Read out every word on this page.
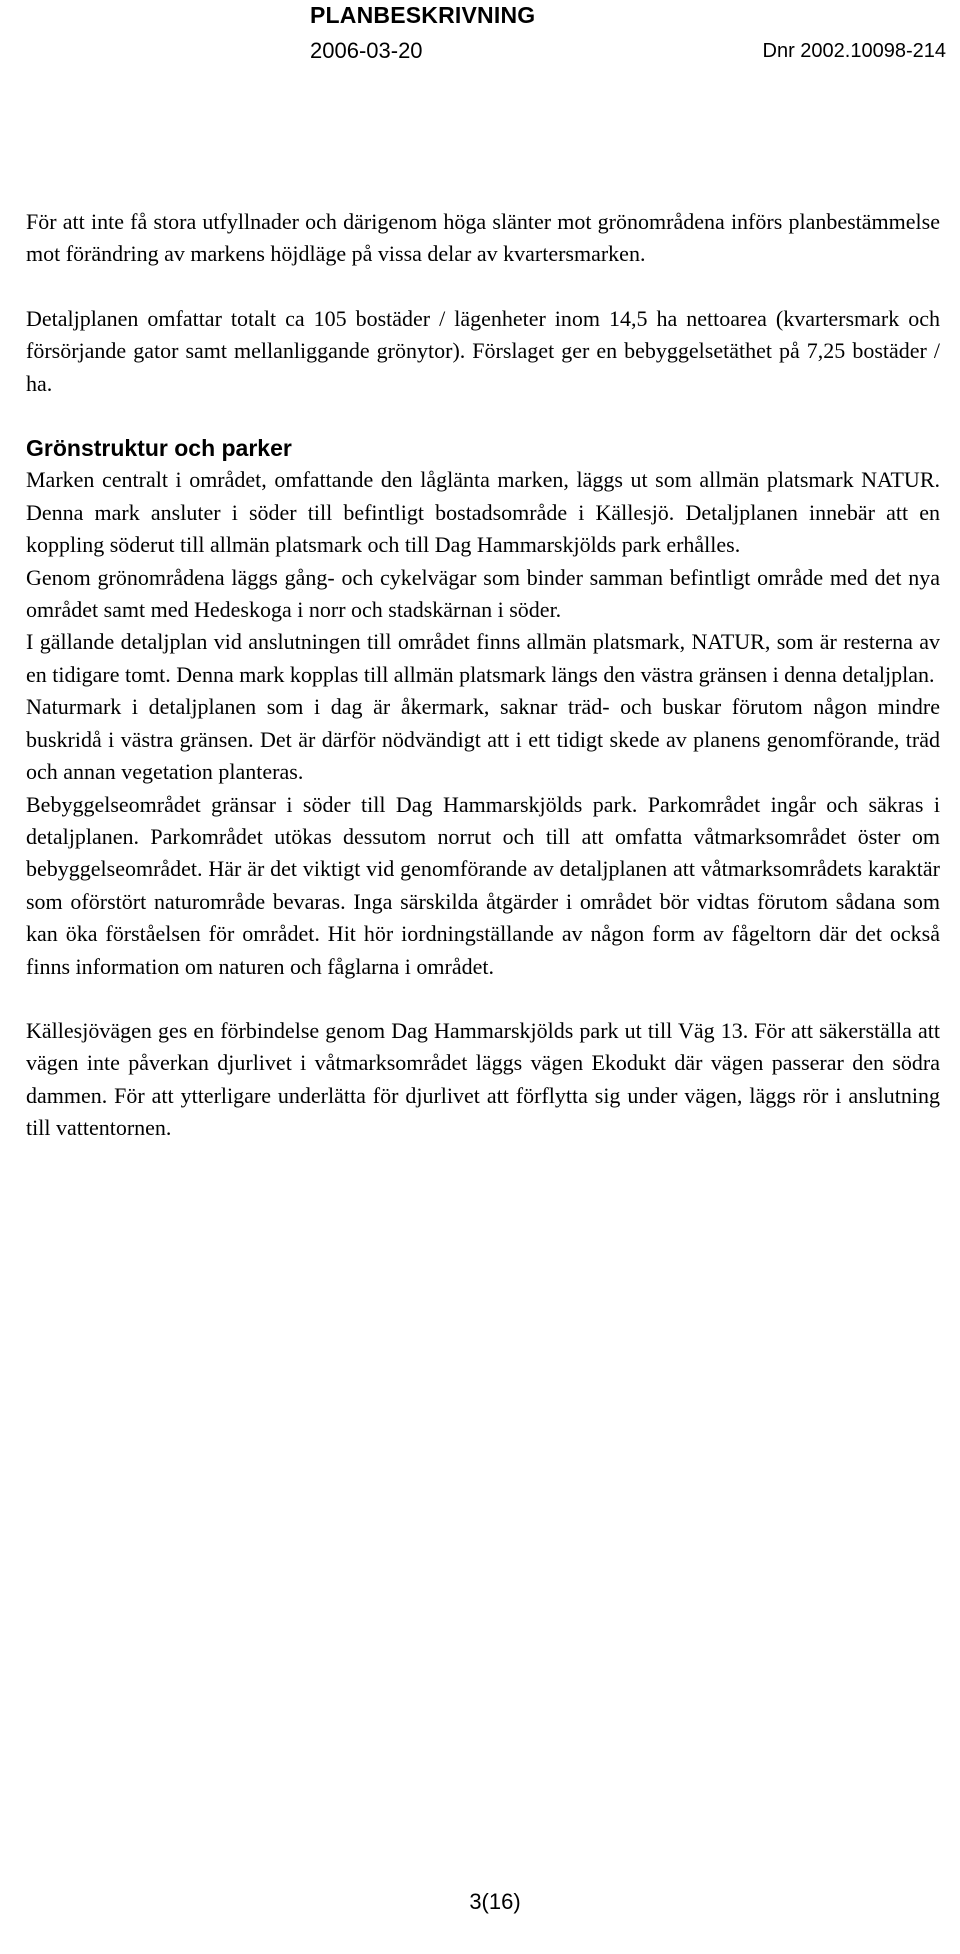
PLANBESKRIVNING
2006-03-20	Dnr 2002.10098-214

För att inte få stora utfyllnader och därigenom höga slänter mot grönområdena införs planbestämmelse mot förändring av markens höjdläge på vissa delar av kvartersmarken.

Detaljplanen omfattar totalt ca 105 bostäder / lägenheter inom 14,5 ha nettoarea (kvartersmark och försörjande gator samt mellanliggande grönytor). Förslaget ger en bebyggelsetäthet på 7,25 bostäder / ha.

Grönstruktur och parker

Marken centralt i området, omfattande den låglänta marken, läggs ut som allmän platsmark NATUR. Denna mark ansluter i söder till befintligt bostadsområde i Källesjö. Detaljplanen innebär att en koppling söderut till allmän platsmark och till Dag Hammarskjölds park erhålles.

Genom grönområdena läggs gång- och cykelvägar som binder samman befintligt område med det nya området samt med Hedeskoga i norr och stadskärnan i söder.

I gällande detaljplan vid anslutningen till området finns allmän platsmark, NATUR, som är resterna av en tidigare tomt. Denna mark kopplas till allmän platsmark längs den västra gränsen i denna detaljplan.

Naturmark i detaljplanen som i dag är åkermark, saknar träd- och buskar förutom någon mindre buskridå i västra gränsen. Det är därför nödvändigt att i ett tidigt skede av planens genomförande, träd och annan vegetation planteras.

Bebyggelseområdet gränsar i söder till Dag Hammarskjölds park. Parkområdet ingår och säkras i detaljplanen. Parkområdet utökas dessutom norrut och till att omfatta våtmarksområdet öster om bebyggelseområdet. Här är det viktigt vid genomförande av detaljplanen att våtmarksområdets karaktär som oförstört naturområde bevaras. Inga särskilda åtgärder i området bör vidtas förutom sådana som kan öka förståelsen för området. Hit hör iordningställande av någon form av fågeltorn där det också finns information om naturen och fåglarna i området.

Källesjövägen ges en förbindelse genom Dag Hammarskjölds park ut till Väg 13. För att säkerställa att vägen inte påverkan djurlivet i våtmarksområdet läggs vägen Ekodukt där vägen passerar den södra dammen. För att ytterligare underlätta för djurlivet att förflytta sig under vägen, läggs rör i anslutning till vattentornen.

3(16)
